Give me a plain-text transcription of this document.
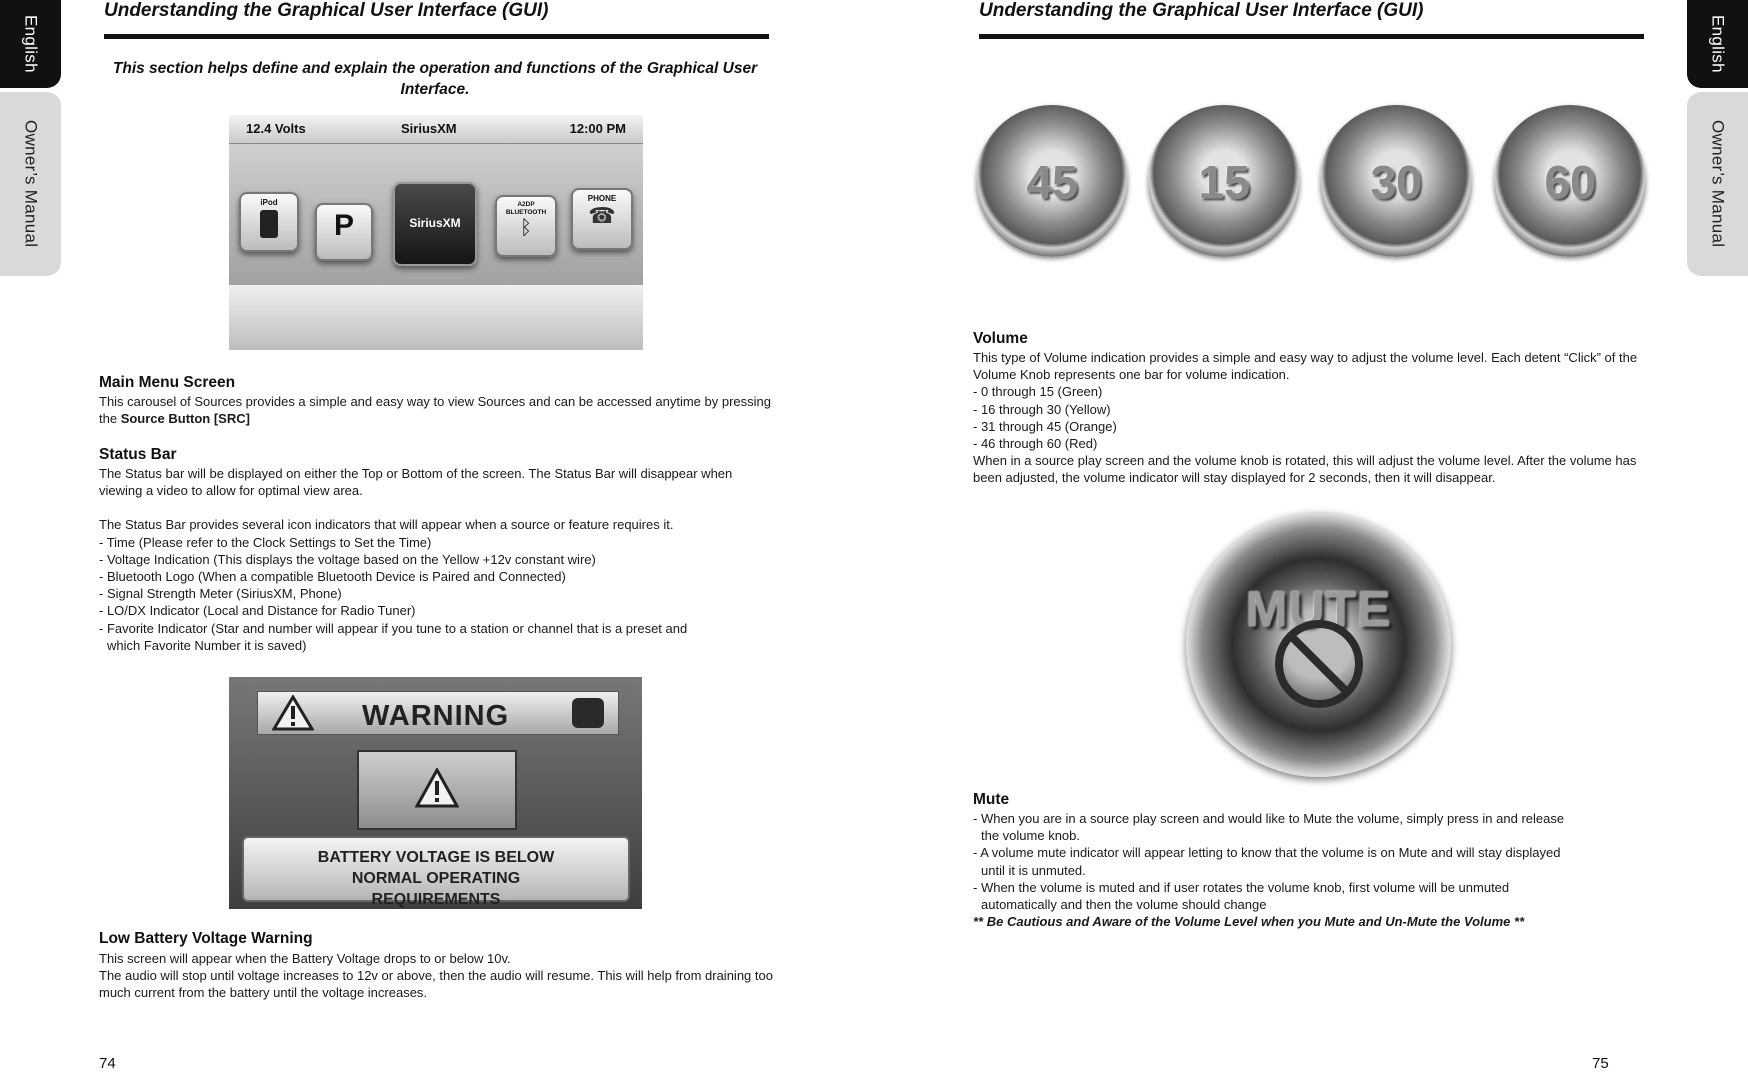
English
Owner’s Manual
Understanding the Graphical User Interface (GUI)
This section helps define and explain the operation and functions of the Graphical User Interface.
12.4 Volts	SiriusXM	12:00 PM
iPod
P	SiriusXM
A2DP BLUETOOTH
ᛒ
PHONE
☎
Main Menu Screen

This carousel of Sources provides a simple and easy way to view Sources and can be accessed anytime by pressing the Source Button [SRC]

Status Bar

The Status bar will be displayed on either the Top or Bottom of the screen. The Status Bar will disappear when viewing a video to allow for optimal view area.

The Status Bar provides several icon indicators that will appear when a source or feature requires it.

- Time (Please refer to the Clock Settings to Set the Time)

- Voltage Indication (This displays the voltage based on the Yellow +12v constant wire)

- Bluetooth Logo (When a compatible Bluetooth Device is Paired and Connected)

- Signal Strength Meter (SiriusXM, Phone)

- LO/DX Indicator (Local and Distance for Radio Tuner)

- Favorite Indicator (Star and number will appear if you tune to a station or channel that is a preset and

which Favorite Number it is saved)

WARNING
BATTERY VOLTAGE IS BELOW NORMAL OPERATING REQUIREMENTS
Low Battery Voltage Warning

This screen will appear when the Battery Voltage drops to or below 10v.

The audio will stop until voltage increases to 12v or above, then the audio will resume. This will help from draining too much current from the battery until the voltage increases.

74
Understanding the Graphical User Interface (GUI)
English
Owner’s Manual
45	15	30	60
Volume

This type of Volume indication provides a simple and easy way to adjust the volume level. Each detent “Click” of the Volume Knob represents one bar for volume indication.

- 0 through 15 (Green)

- 16 through 30 (Yellow)

- 31 through 45 (Orange)

- 46 through 60 (Red)

When in a source play screen and the volume knob is rotated, this will adjust the volume level. After the volume has been adjusted, the volume indicator will stay displayed for 2 seconds, then it will disappear.

MUTE
Mute

- When you are in a source play screen and would like to Mute the volume, simply press in and release

the volume knob.

- A volume mute indicator will appear letting to know that the volume is on Mute and will stay displayed

until it is unmuted.

- When the volume is muted and if user rotates the volume knob, first volume will be unmuted

automatically and then the volume should change

** Be Cautious and Aware of the Volume Level when you Mute and Un-Mute the Volume **

75
